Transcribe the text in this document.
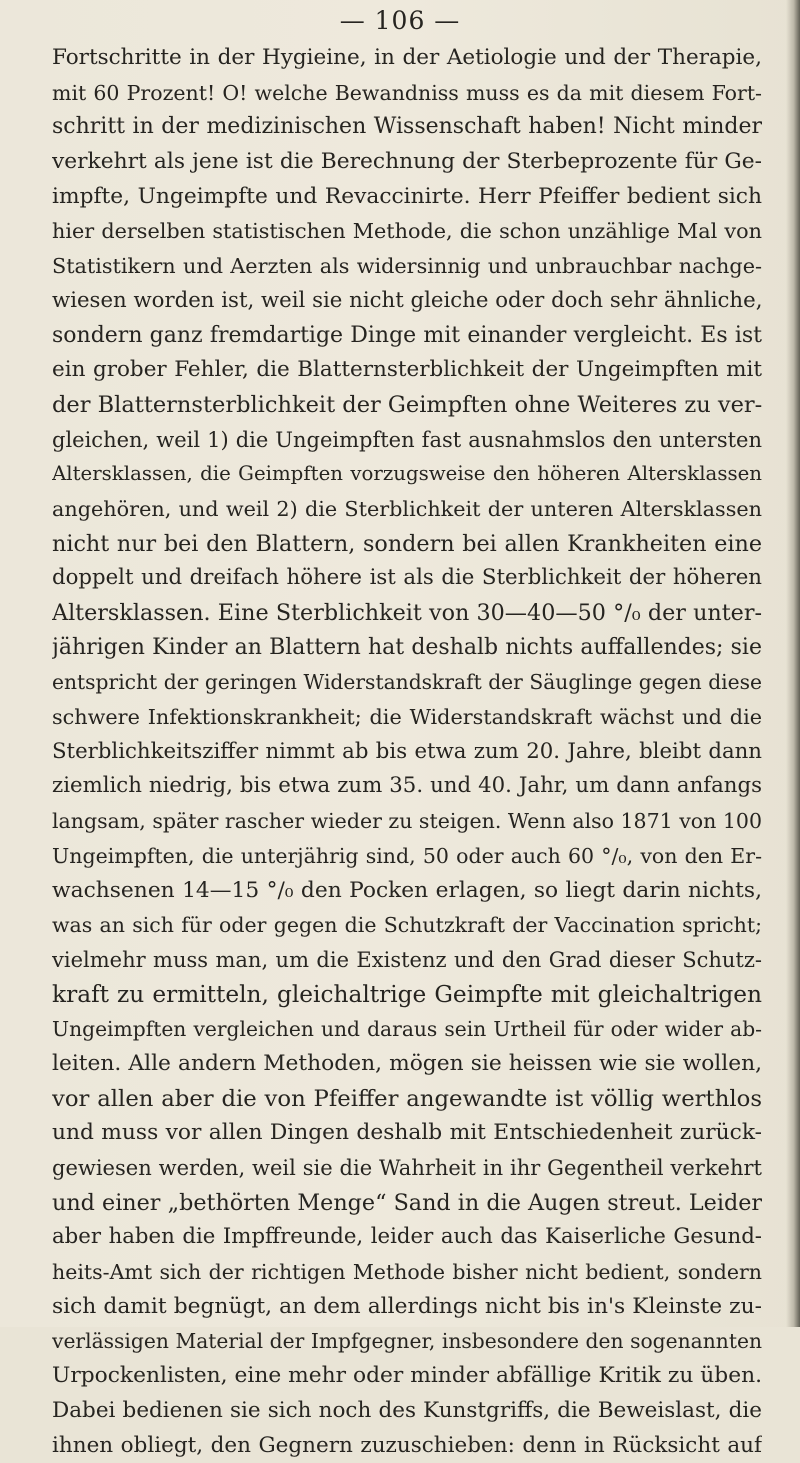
— 106 —
Fortschritte in der Hygieine, in der Aetiologie und der Therapie,
mit 60 Prozent! O! welche Bewandniss muss es da mit diesem Fort-
schritt in der medizinischen Wissenschaft haben! Nicht minder
verkehrt als jene ist die Berechnung der Sterbeprozente für Ge-
impfte, Ungeimpfte und Revaccinirte. Herr Pfeiffer bedient sich
hier derselben statistischen Methode, die schon unzählige Mal von
Statistikern und Aerzten als widersinnig und unbrauchbar nachge-
wiesen worden ist, weil sie nicht gleiche oder doch sehr ähnliche,
sondern ganz fremdartige Dinge mit einander vergleicht. Es ist
ein grober Fehler, die Blatternsterblichkeit der Ungeimpften mit
der Blatternsterblichkeit der Geimpften ohne Weiteres zu ver-
gleichen, weil 1) die Ungeimpften fast ausnahmslos den untersten
Altersklassen, die Geimpften vorzugsweise den höheren Altersklassen
angehören, und weil 2) die Sterblichkeit der unteren Altersklassen
nicht nur bei den Blattern, sondern bei allen Krankheiten eine
doppelt und dreifach höhere ist als die Sterblichkeit der höheren
Altersklassen. Eine Sterblichkeit von 30—40—50 °/₀ der unter-
jährigen Kinder an Blattern hat deshalb nichts auffallendes; sie
entspricht der geringen Widerstandskraft der Säuglinge gegen diese
schwere Infektionskrankheit; die Widerstandskraft wächst und die
Sterblichkeitsziffer nimmt ab bis etwa zum 20. Jahre, bleibt dann
ziemlich niedrig, bis etwa zum 35. und 40. Jahr, um dann anfangs
langsam, später rascher wieder zu steigen. Wenn also 1871 von 100
Ungeimpften, die unterjährig sind, 50 oder auch 60 °/₀, von den Er-
wachsenen 14—15 °/₀ den Pocken erlagen, so liegt darin nichts,
was an sich für oder gegen die Schutzkraft der Vaccination spricht;
vielmehr muss man, um die Existenz und den Grad dieser Schutz-
kraft zu ermitteln, gleichaltrige Geimpfte mit gleichaltrigen
Ungeimpften vergleichen und daraus sein Urtheil für oder wider ab-
leiten. Alle andern Methoden, mögen sie heissen wie sie wollen,
vor allen aber die von Pfeiffer angewandte ist völlig werthlos
und muss vor allen Dingen deshalb mit Entschiedenheit zurück-
gewiesen werden, weil sie die Wahrheit in ihr Gegentheil verkehrt
und einer „bethörten Menge“ Sand in die Augen streut. Leider
aber haben die Impffreunde, leider auch das Kaiserliche Gesund-
heits-Amt sich der richtigen Methode bisher nicht bedient, sondern
sich damit begnügt, an dem allerdings nicht bis in's Kleinste zu-
verlässigen Material der Impfgegner, insbesondere den sogenannten
Urpockenlisten, eine mehr oder minder abfällige Kritik zu üben.
Dabei bedienen sie sich noch des Kunstgriffs, die Beweislast, die
ihnen obliegt, den Gegnern zuzuschieben: denn in Rücksicht auf
